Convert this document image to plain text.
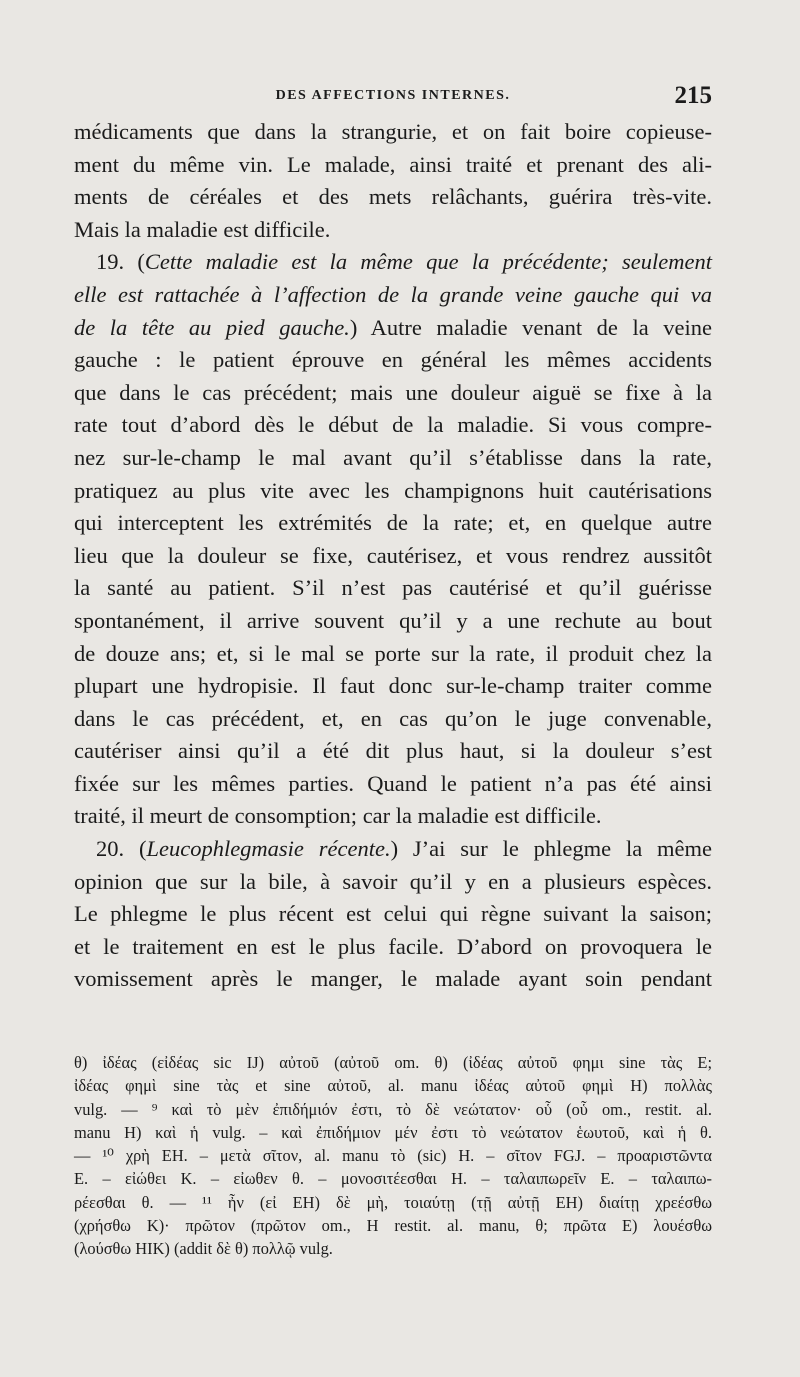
DES AFFECTIONS INTERNES.	215

médicaments que dans la strangurie, et on fait boire copieuse-

ment du même vin. Le malade, ainsi traité et prenant des ali-

ments de céréales et des mets relâchants, guérira très-vite.

Mais la maladie est difficile.

19. (Cette maladie est la même que la précédente; seulement

elle est rattachée à l’affection de la grande veine gauche qui va

de la tête au pied gauche.) Autre maladie venant de la veine

gauche : le patient éprouve en général les mêmes accidents

que dans le cas précédent; mais une douleur aiguë se fixe à la

rate tout d’abord dès le début de la maladie. Si vous compre-

nez sur-le-champ le mal avant qu’il s’établisse dans la rate,

pratiquez au plus vite avec les champignons huit cautérisations

qui interceptent les extrémités de la rate; et, en quelque autre

lieu que la douleur se fixe, cautérisez, et vous rendrez aussitôt

la santé au patient. S’il n’est pas cautérisé et qu’il guérisse

spontanément, il arrive souvent qu’il y a une rechute au bout

de douze ans; et, si le mal se porte sur la rate, il produit chez la

plupart une hydropisie. Il faut donc sur-le-champ traiter comme

dans le cas précédent, et, en cas qu’on le juge convenable,

cautériser ainsi qu’il a été dit plus haut, si la douleur s’est

fixée sur les mêmes parties. Quand le patient n’a pas été ainsi

traité, il meurt de consomption; car la maladie est difficile.

20. (Leucophlegmasie récente.) J’ai sur le phlegme la même

opinion que sur la bile, à savoir qu’il y en a plusieurs espèces.

Le phlegme le plus récent est celui qui règne suivant la saison;

et le traitement en est le plus facile. D’abord on provoquera le

vomissement après le manger, le malade ayant soin pendant

θ) ἰδέας (εἰδέας sic IJ) αὐτοῦ (αὐτοῦ om. θ) (ἰδέας αὐτοῦ φημι sine τὰς E;

ἰδέας φημὶ sine τὰς et sine αὐτοῦ, al. manu ἰδέας αὐτοῦ φημὶ H) πολλὰς

vulg. — ⁹ καὶ τὸ μὲν ἐπιδήμιόν ἐστι, τὸ δὲ νεώτατον· οὗ (οὗ om., restit. al.

manu H) καὶ ἡ vulg. – καὶ ἐπιδήμιον μέν ἐστι τὸ νεώτατον ἑωυτοῦ, καὶ ἡ θ.

— ¹⁰ χρὴ EH. – μετὰ σῖτον, al. manu τὸ (sic) H. – σῖτον FGJ. – προαριστῶντα

E. – εἰώθει K. – εἰωθεν θ. – μονοσιτέεσθαι H. – ταλαιπωρεῖν E. – ταλαιπω-

ρέεσθαι θ. — ¹¹ ἦν (εἰ EH) δὲ μὴ, τοιαύτῃ (τῇ αὐτῇ EH) διαίτῃ χρεέσθω

(χρήσθω K)· πρῶτον (πρῶτον om., H restit. al. manu, θ; πρῶτα E) λουέσθω

(λούσθω HIK) (addit δὲ θ) πολλῷ vulg.
